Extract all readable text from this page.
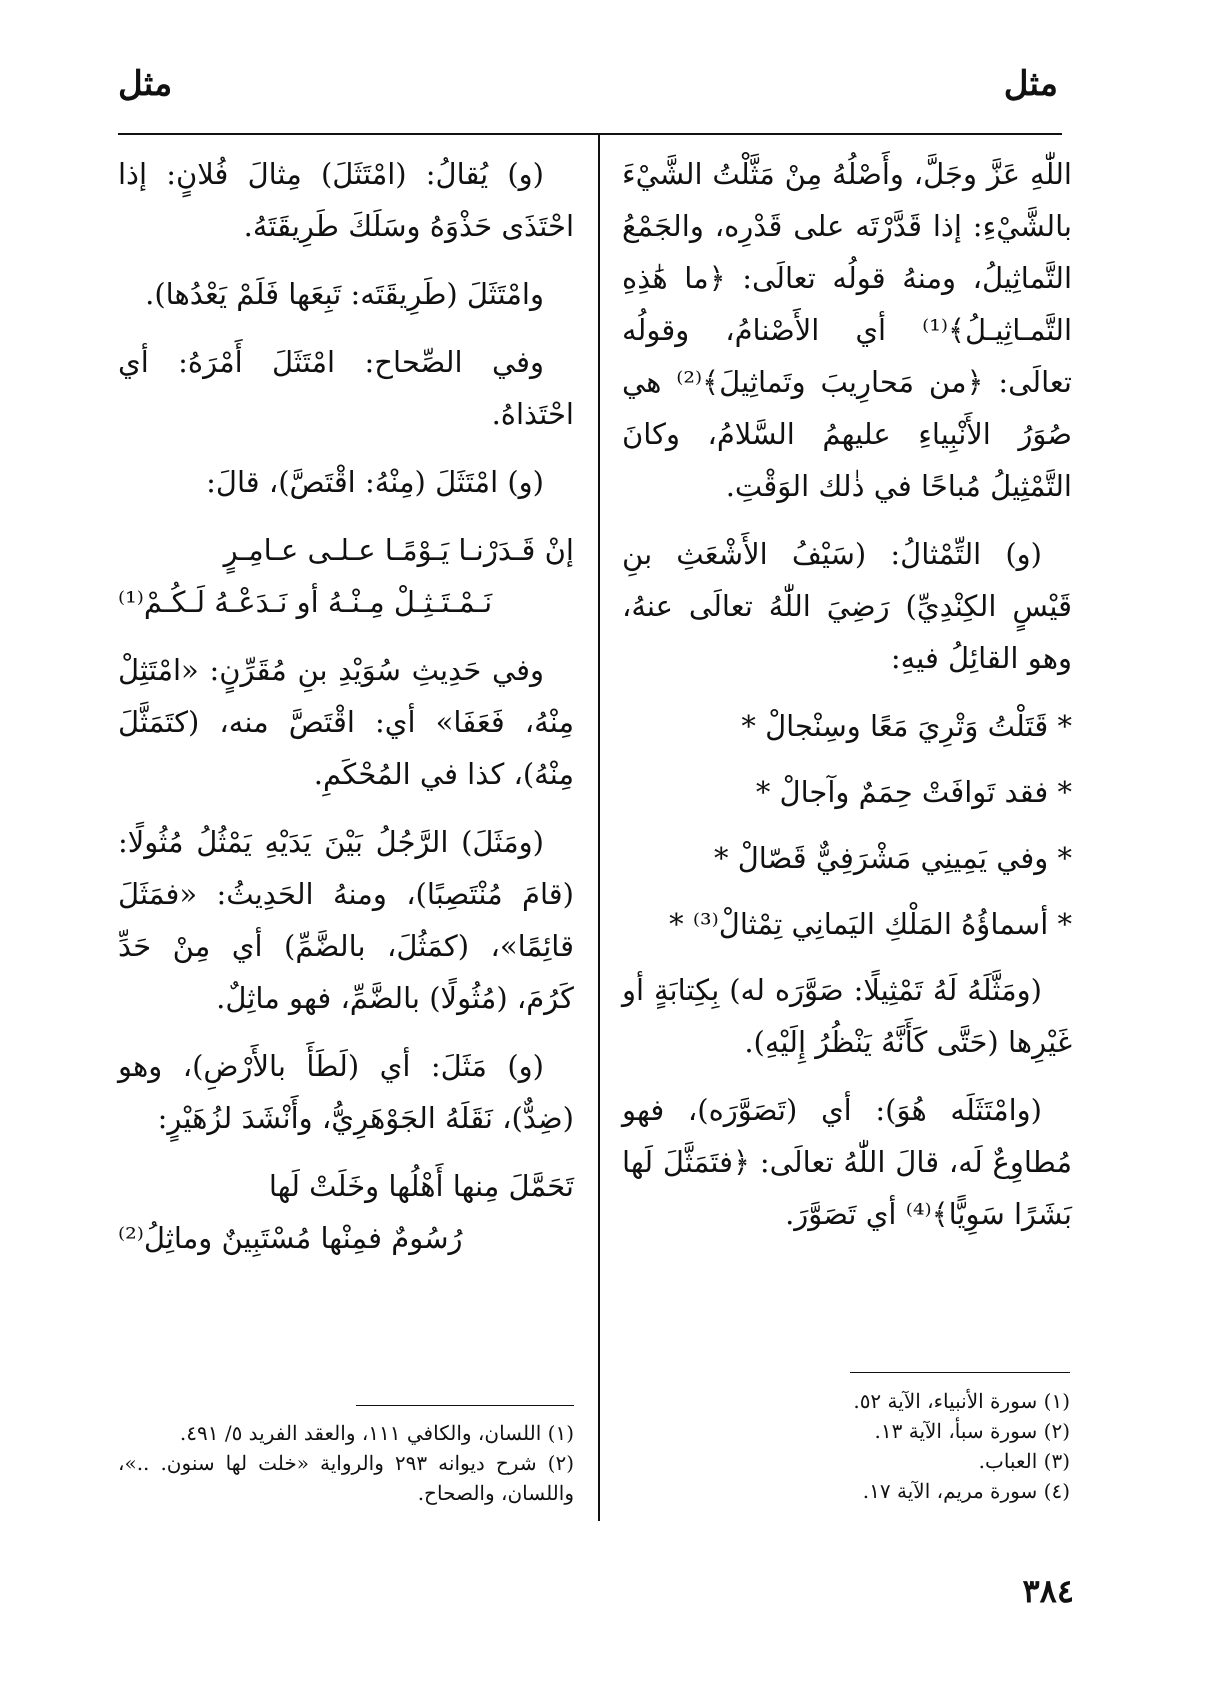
مثل
مثل

اللّٰهِ عَزَّ وجَلَّ، وأَصْلُهُ مِنْ مَثَّلْتُ الشَّيْءَ بالشَّيْءِ: إذا قَدَّرْتَه على قَدْرِه، والجَمْعُ التَّماثِيلُ، ومنهُ قولُه تعالَى: ﴿ما هَٰذِهِ التَّمـاثِيـلُ﴾⁽¹⁾ أي الأَصْنامُ، وقولُه تعالَى: ﴿من مَحارِيبَ وتَماثِيلَ﴾⁽²⁾ هي صُوَرُ الأَنْبِياءِ عليهمُ السَّلامُ، وكانَ التَّمْثِيلُ مُباحًا في ذٰلك الوَقْتِ.

(و) التِّمْثالُ: (سَيْفُ الأَشْعَثِ بنِ قَيْسٍ الكِنْدِيِّ) رَضِيَ اللّٰهُ تعالَى عنهُ، وهو القائِلُ فيهِ:

* قَتَلْتُ وَتْرِيَ مَعًا وسِنْجالْ *

* فقد تَوافَتْ حِمَمٌ وآجالْ *

* وفي يَمِينِي مَشْرَفِيٌّ قَصّالْ *

* أسماؤُهُ المَلْكِ اليَمانِي تِمْثالْ⁽³⁾ *

(ومَثَّلَهُ لَهُ تَمْثِيلًا: صَوَّرَه له) بِكِتابَةٍ أو غَيْرِها (حَتَّى كَأَنَّهُ يَنْظُرُ إِلَيْهِ).

(وامْتَثَلَه هُوَ): أي (تَصَوَّرَه)، فهو مُطاوِعٌ لَه، قالَ اللّٰهُ تعالَى: ﴿فتَمَثَّلَ لَها بَشَرًا سَوِيًّا﴾⁽⁴⁾ أي تَصَوَّرَ.

(١) سورة الأنبياء، الآية ٥٢.
(٢) سورة سبأ، الآية ١٣.
(٣) العباب.
(٤) سورة مريم، الآية ١٧.

(و) يُقالُ: (امْتَثَلَ) مِثالَ فُلانٍ: إذا احْتَذَى حَذْوَهُ وسَلَكَ طَرِيقَتَهُ.

وامْتَثَلَ (طَرِيقَتَه: تَبِعَها فَلَمْ يَعْدُها).

وفي الصِّحاح: امْتَثَلَ أَمْرَهُ: أي احْتَذاهُ.

(و) امْتَثَلَ (مِنْهُ: اقْتَصَّ)، قالَ:

إنْ قَـدَرْنـا يَـوْمًـا عـلـى عـامِـرٍ
نَـمْـتَـثِـلْ مِـنْـهُ أو نَـدَعْـهُ لَـكُـمْ⁽¹⁾

وفي حَدِيثِ سُوَيْدِ بنِ مُقَرِّنٍ: «امْتَثِلْ مِنْهُ، فَعَفَا» أي: اقْتَصَّ منه، (كتَمَثَّلَ مِنْهُ)، كذا في المُحْكَمِ.

(ومَثَلَ) الرَّجُلُ بَيْنَ يَدَيْهِ يَمْثُلُ مُثُولًا: (قامَ مُنْتَصِبًا)، ومنهُ الحَدِيثُ: «فمَثَلَ قائِمًا»، (كمَثُلَ، بالضَّمِّ) أي مِنْ حَدِّ كَرُمَ، (مُثُولًا) بالضَّمِّ، فهو ماثِلٌ.

(و) مَثَلَ: أي (لَطَأَ بالأَرْضِ)، وهو (ضِدٌّ)، نَقَلَهُ الجَوْهَرِيُّ، وأَنْشَدَ لزُهَيْرٍ:

تَحَمَّلَ مِنها أَهْلُها وخَلَتْ لَها
رُسُومٌ فمِنْها مُسْتَبِينٌ وماثِلُ⁽²⁾
(١) اللسان، والكافي ١١١، والعقد الفريد ٥/ ٤٩١.
(٢) شرح ديوانه ٢٩٣ والرواية «خلت لها سنون. ..»، واللسان، والصحاح.
٣٨٤
